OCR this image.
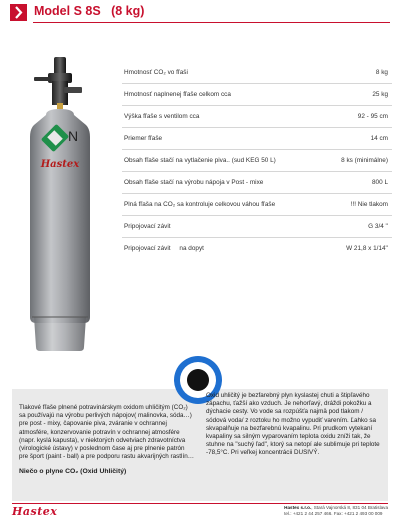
Model S 8S   (8 kg)
N
Hastex
Hmotnosť CO₂ vo fľaši	8 kg
Hmotnosť naplnenej fľaše celkom cca	25 kg
Výška fľaše s ventilom cca	92 - 95 cm
Priemer fľaše	14 cm
Obsah fľaše stačí na vytlačenie piva.. (sud KEG 50 L)	8 ks (minimálne)
Obsah fľaše stačí na výrobu nápoja v Post - mixe	800 L
Plná fľaša na CO₂ sa kontroluje celkovou váhou fľaše	!!! Nie tlakom
Pripojovací závit	G 3/4 ''
Pripojovací závit     na dopyt	W 21,8 x 1/14''
Tlakové fľaše plnené potravinárskym oxidom uhličitým (CO₂) sa používajú na výrobu perlivých nápojov( malinovka, sóda…) pre post - mixy, čapovanie piva, zváranie v ochrannej atmosfére, konzervovanie potravín v ochrannej atmosfére (napr. kyslá kapusta), v niektorých odvetviach zdravotníctva (virologické ústavy) v poslednom čase aj pre plnenie patrón pre šport (paint - ball) a pre podporu rastu akvarijných rastlín…
Niečo o plyne CO₂ (Oxid Uhličitý)
Oxid uhličitý je bezfarebný plyn kyslastej chuti a štipľavého zápachu, ťažší ako vzduch. Je nehorľavý, dráždi pokožku a dýchacie cesty. Vo vode sa rozpúšťa najmä pod tlakom / sódová voda/ z roztoku ho možno vypudiť varením. Ľahko sa skvapalňuje na bezfarebnú kvapalinu. Pri prudkom vytekaní kvapaliny sa silným vyparovaním teplota oxidu zníži tak, že stuhne na "suchý ľad", ktorý sa netopí ale sublimuje pri teplote -78,5°C. Pri veľkej koncentrácii DUSIVÝ.
Hastex	Hastex s.r.o., Stará Vajnorská 8, 831 04 Bratislava
tel.: +421 2 44 257 466. Fax: +421 2 493 00 009
